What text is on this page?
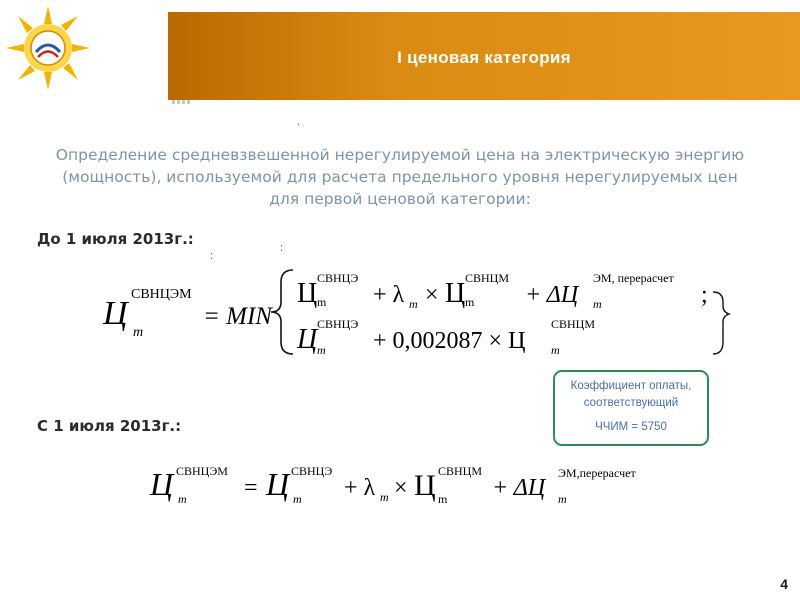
I ценовая категория
.
Определение средневзвешенной нерегулируемой цена на электрическую энергию
(мощность), используемой для расчета предельного уровня нерегулируемых цен
для первой ценовой категории:
До 1 июля 2013г.:
:
:
Ц
СВНЦЭМ
m
= MIN
Ц СВНЦЭ
m + λ m × Ц СВНЦМ
m + ΔЦ
ЭМ, перерасчет
m	;
Ц СВНЦЭ
m + 0,002087 × Ц
СВНЦМ
m
Коэффициент оплаты,
соответствующий
ЧЧИМ = 5750
С 1 июля 2013г.:
Ц СВНЦЭМ
m = Ц СВНЦЭ
m + λ m × Ц СВНЦМ
m + ΔЦ
ЭМ,перерасчет
m
4
